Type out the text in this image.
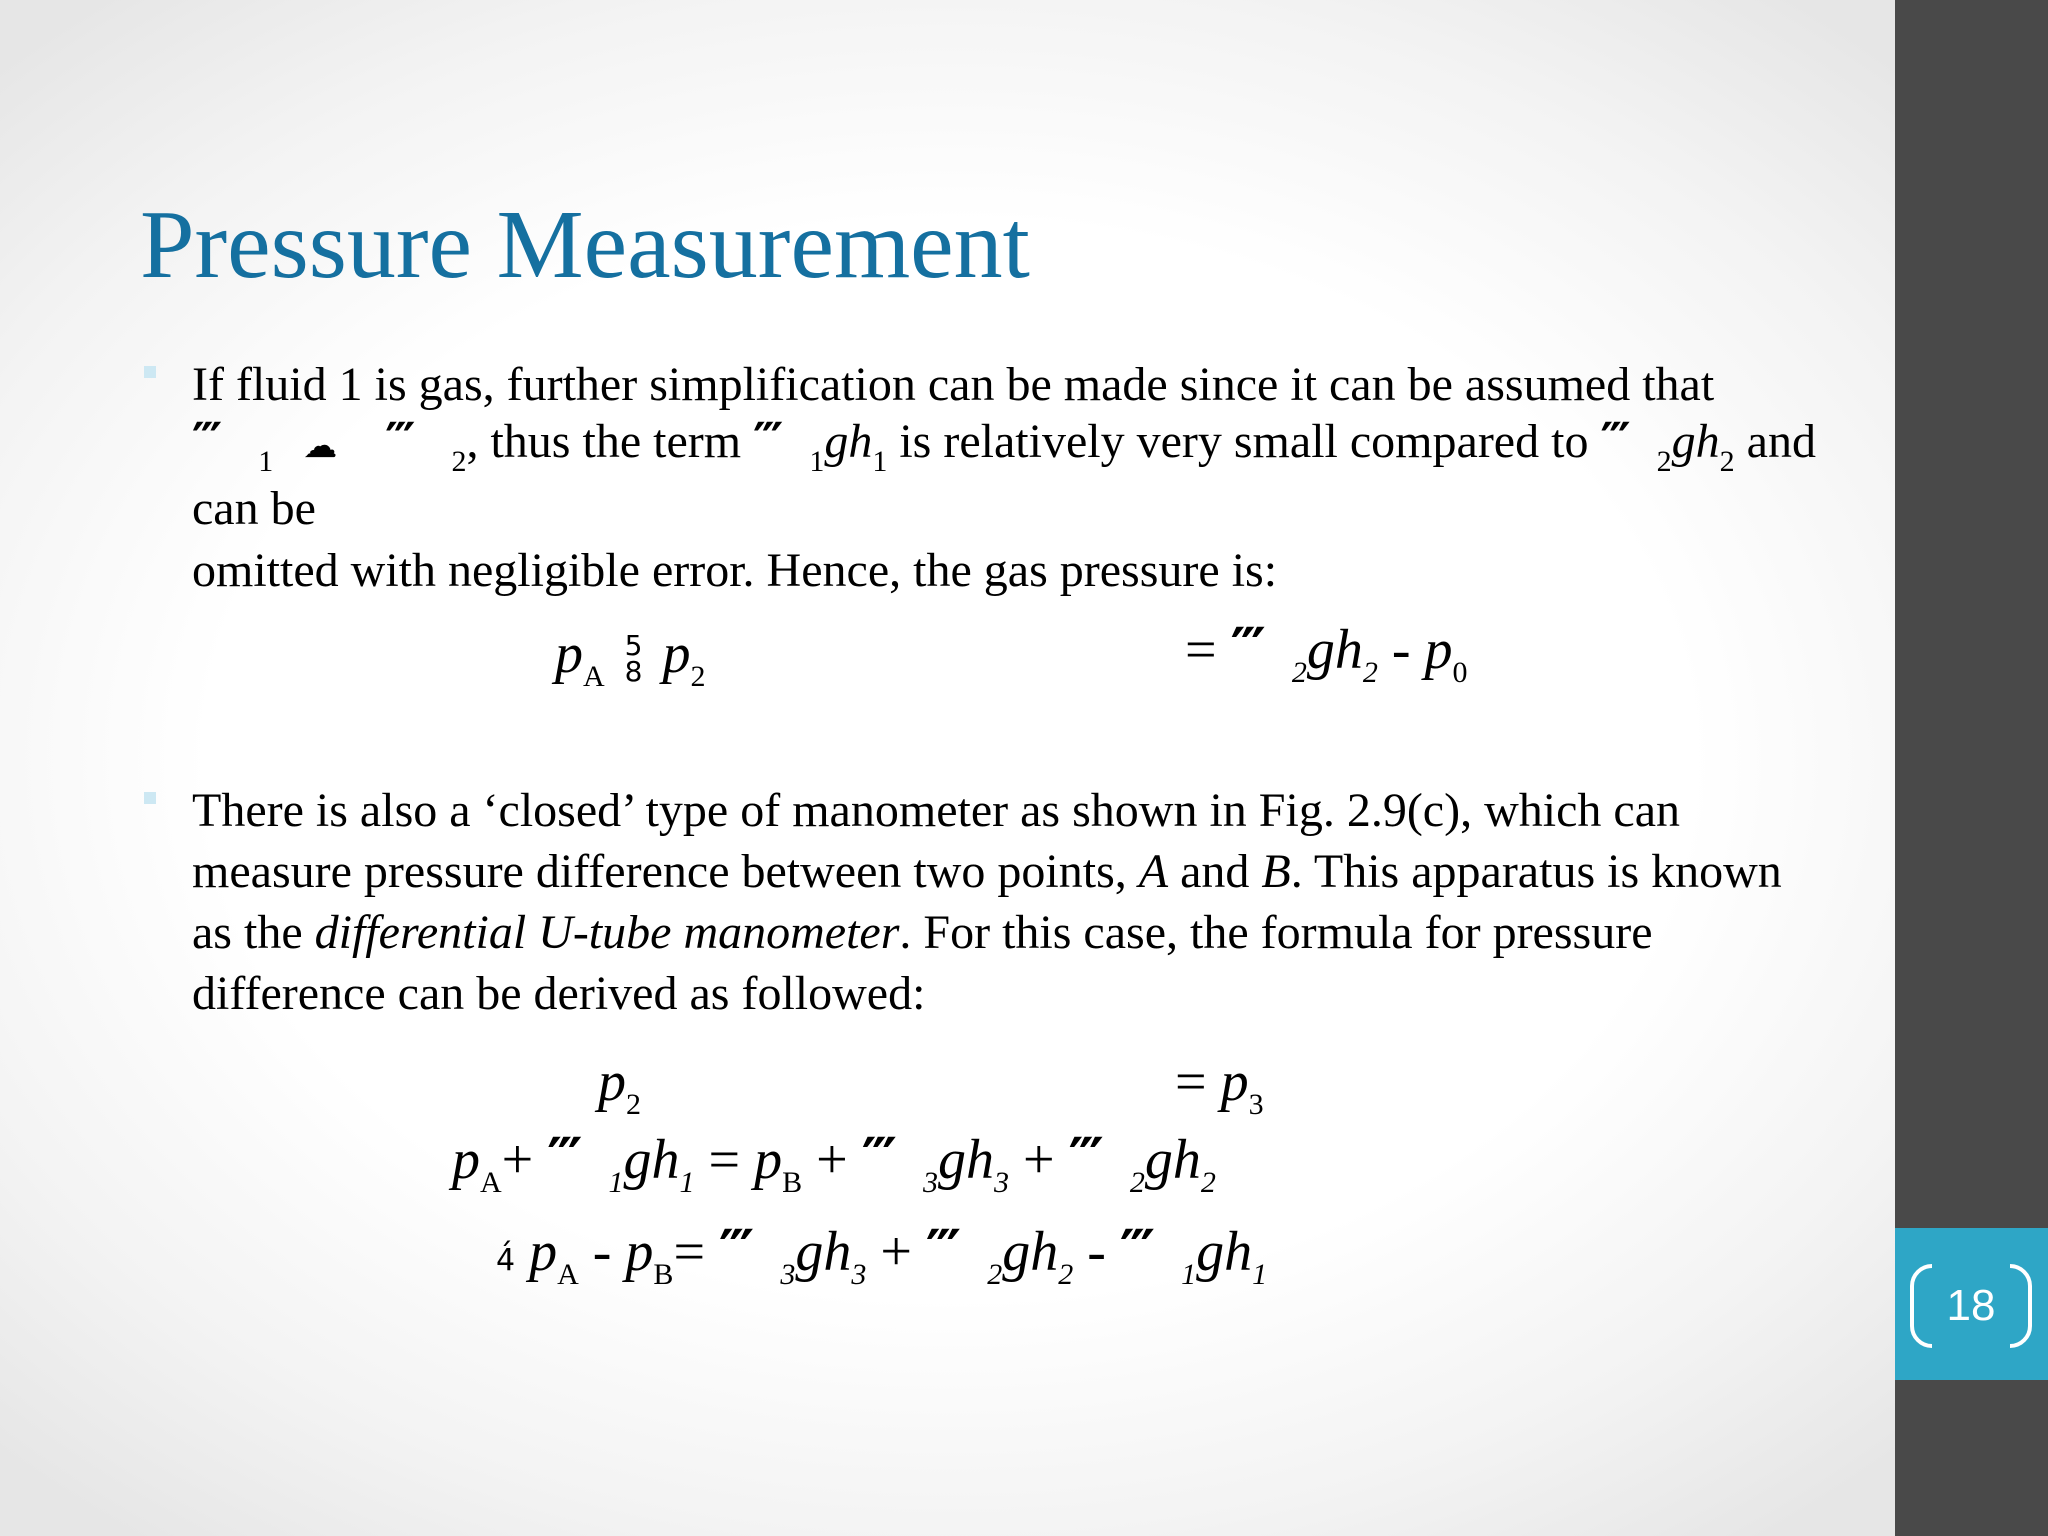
Pressure Measurement

If fluid 1 is gas, further simplification can be made since it can be assumed that

‴ $_1$ ☁ ‴ $_2$, thus the term ‴ $_1gh_1$ is relatively very small compared to ‴ $_2gh_2$ and

can be

omitted with negligible error. Hence, the gas pressure is:

$p_A$ 5
8 $p_2$	= ‴ $_2gh_2 - p_0$

There is also a ‘closed’ type of manometer as shown in Fig. 2.9(c), which can

measure pressure difference between two points, A and B. This apparatus is known

as the differential U-tube manometer. For this case, the formula for pressure

difference can be derived as followed:

$p_2$	= $p_3$
$p_A+$ ‴ $_1gh_1 = p_B$ + ‴ $_3gh_3$ + ‴ $_2gh_2$
4́ $p_A - p_B=$ ‴ $_3gh_3$ + ‴ $_2gh_2$ - ‴ $_1gh_1$
18
